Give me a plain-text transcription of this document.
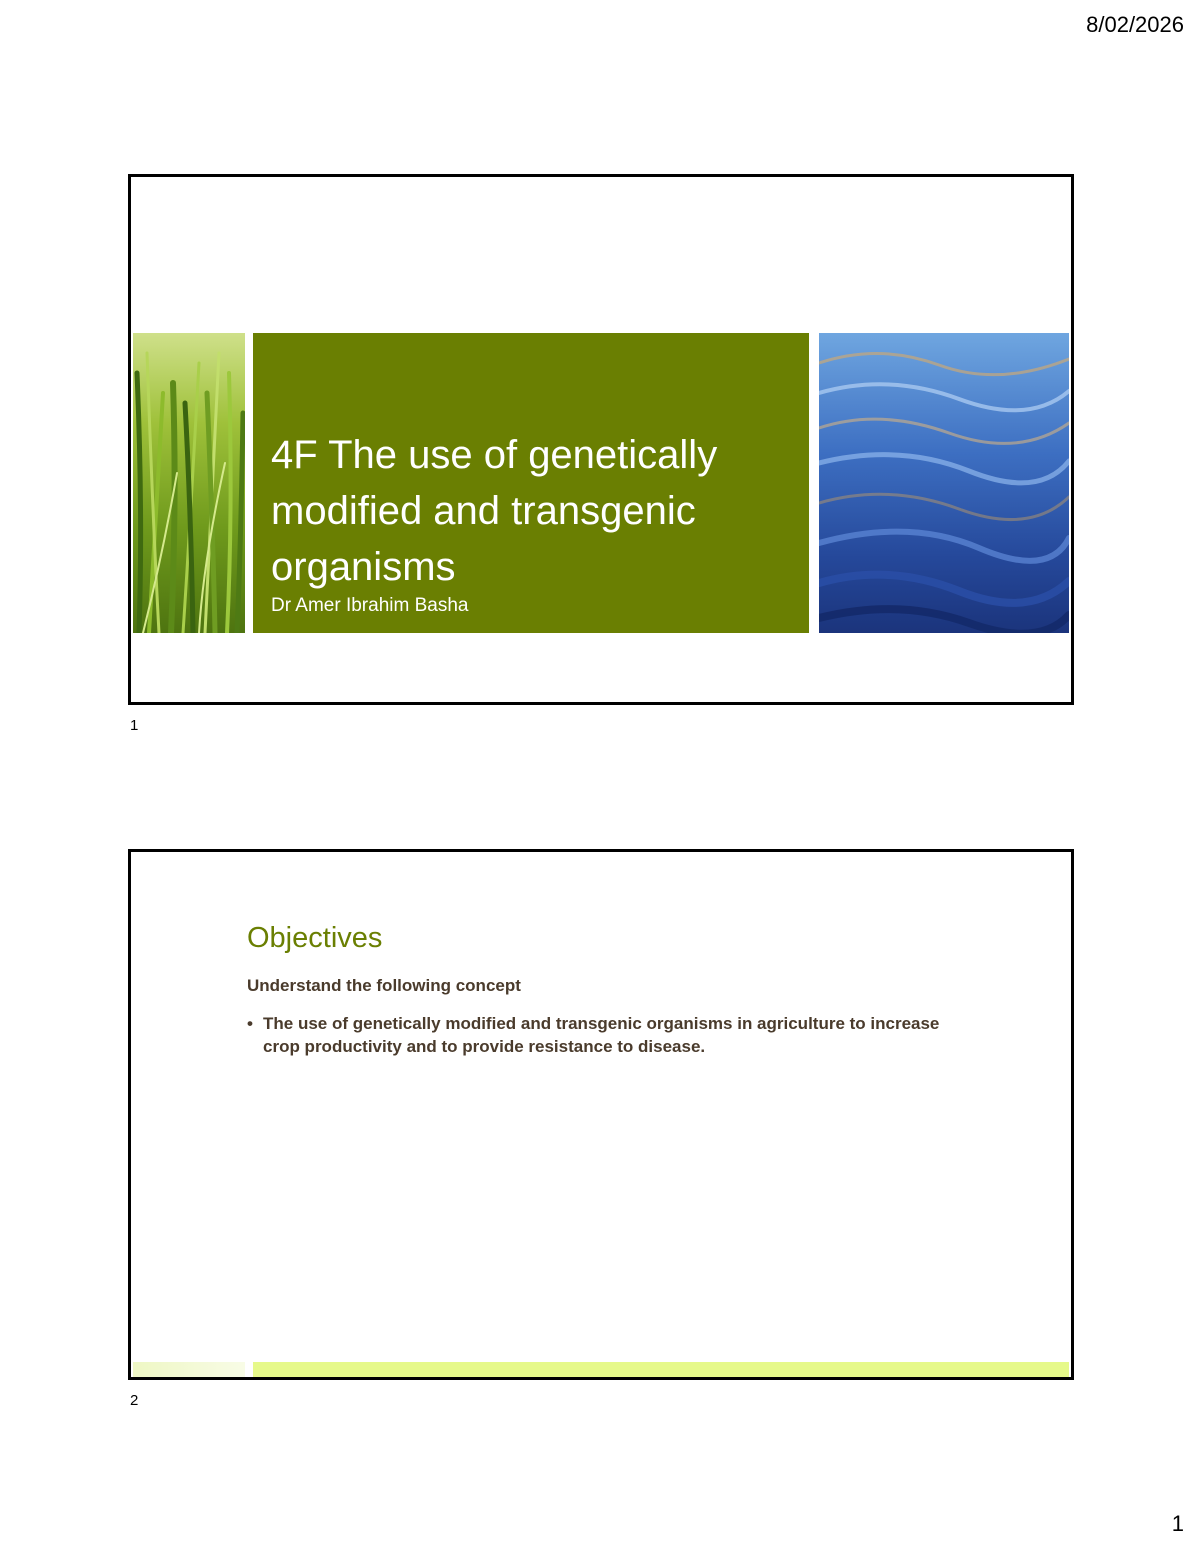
8/02/2026
4F The use of genetically modified and transgenic organisms
Dr Amer Ibrahim Basha
1
Objectives
Understand the following concept
• The use of genetically modified and transgenic organisms in agriculture to increase crop productivity and to provide resistance to disease.
2
1
